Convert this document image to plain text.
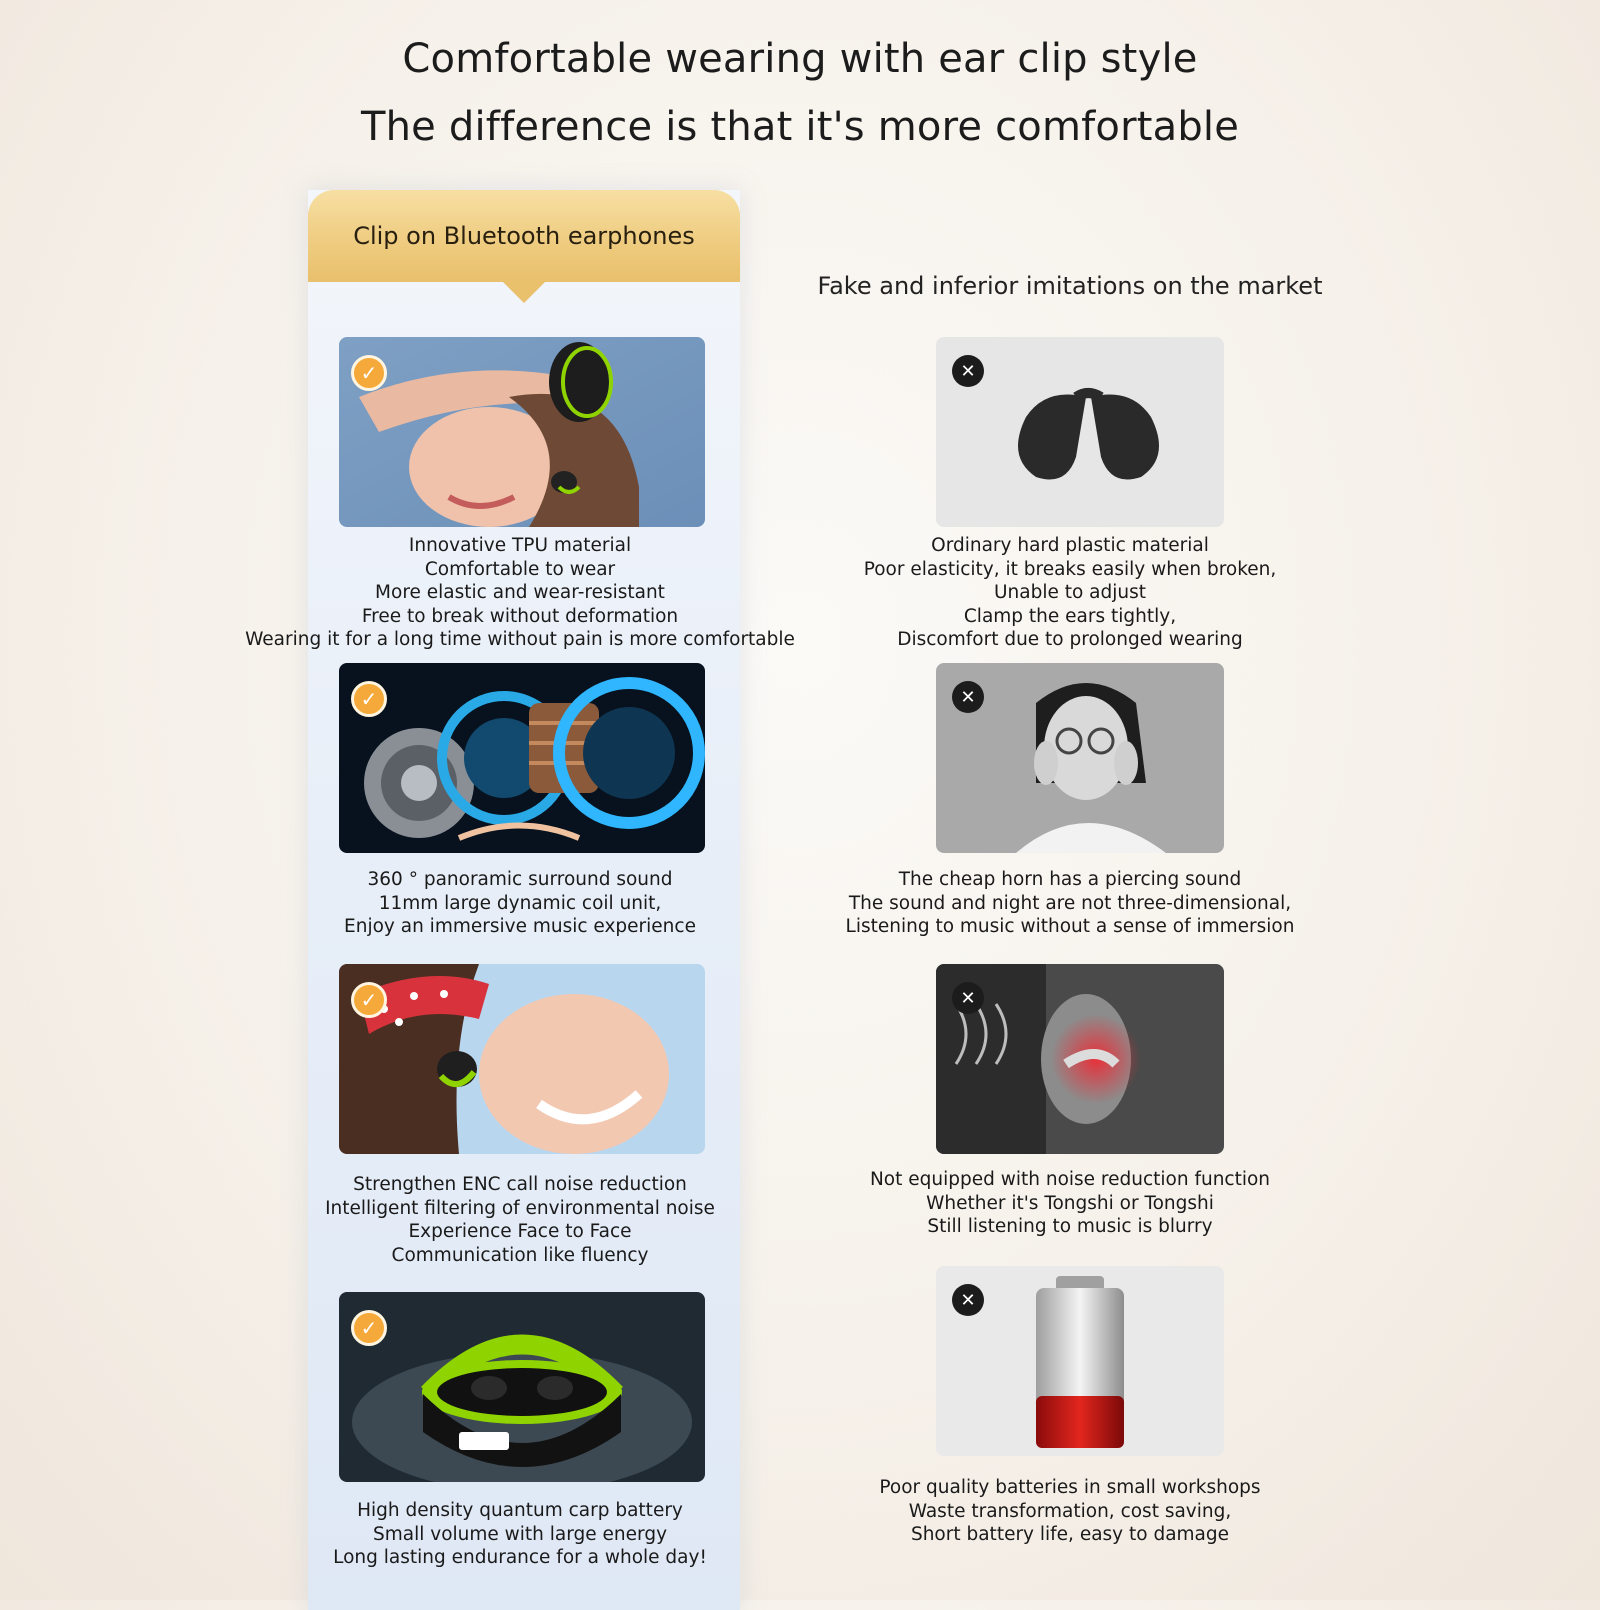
Comfortable wearing with ear clip style
The difference is that it's more comfortable
Clip on Bluetooth earphones
Fake and inferior imitations on the market
✓
✓
✓
✓
✕
✕
✕
✕
Innovative TPU material
Comfortable to wear
More elastic and wear-resistant
Free to break without deformation
Wearing it for a long time without pain is more comfortable
360 ° panoramic surround sound
11mm large dynamic coil unit,
Enjoy an immersive music experience
Strengthen ENC call noise reduction
Intelligent filtering of environmental noise
Experience Face to Face
Communication like fluency
High density quantum carp battery
Small volume with large energy
Long lasting endurance for a whole day!
Ordinary hard plastic material
Poor elasticity, it breaks easily when broken,
Unable to adjust
Clamp the ears tightly,
Discomfort due to prolonged wearing
The cheap horn has a piercing sound
The sound and night are not three-dimensional,
Listening to music without a sense of immersion
Not equipped with noise reduction function
Whether it's Tongshi or Tongshi
Still listening to music is blurry
Poor quality batteries in small workshops
Waste transformation, cost saving,
Short battery life, easy to damage
